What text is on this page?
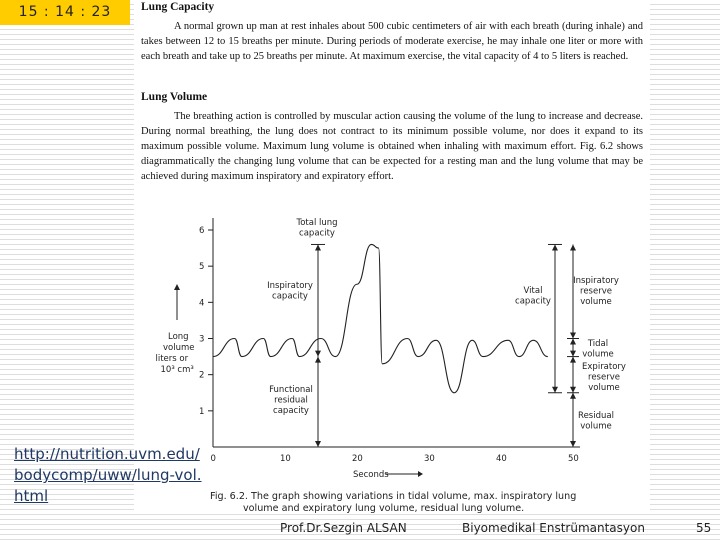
15 : 14 : 23	Lung Capacity
A normal grown up man at rest inhales about 500 cubic centimeters of air with each breath (during inhale) and takes between 12 to 15 breaths per minute. During periods of moderate exercise, he may inhale one liter or more with each breath and take up to 25 breaths per minute. At maximum exercise, the vital capacity of 4 to 5 liters is reached.
Lung Volume
The breathing action is controlled by muscular action causing the volume of the lung to increase and decrease. During normal breathing, the lung does not contract to its minimum possible volume, nor does it expand to its maximum possible volume. Maximum lung volume is obtained when inhaling with maximum effort. Fig. 6.2 shows diagrammatically the changing lung volume that can be expected for a resting man and the lung volume that may be achieved during maximum inspiratory and expiratory effort.
1
2
3
4
5
6
0	10	20	30	40	50
Seconds
Long
volume
liters or
10³ cm³
Total lung
capacity
Inspiratory
capacity
Functional
residual
capacity
Vital
capacity
Inspiratory
reserve
volume
Tidal
volume
Expiratory
reserve
volume
Residual
volume
http://nutrition.uvm.edu/bodycomp/uww/lung-vol.html	Fig. 6.2. The graph showing variations in tidal volume, max. inspiratory lung
volume and expiratory lung volume, residual lung volume.
Prof.Dr.Sezgin ALSAN	Biyomedikal Enstrümantasyon	55
